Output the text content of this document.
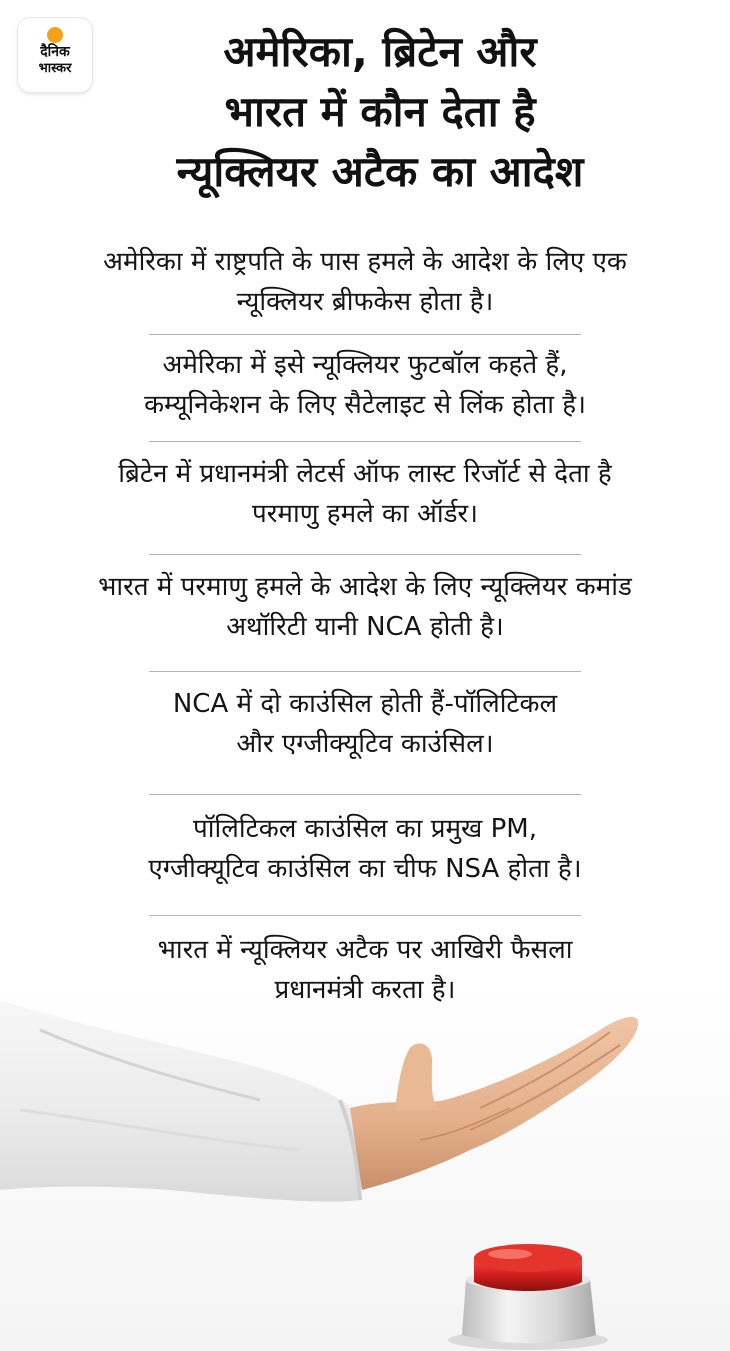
दैनिक
भास्कर	अमेरिका, ब्रिटेन और
भारत में कौन देता है
न्यूक्लियर अटैक का आदेश
अमेरिका में राष्ट्रपति के पास हमले के आदेश के लिए एक
न्यूक्लियर ब्रीफकेस होता है।
अमेरिका में इसे न्यूक्लियर फुटबॉल कहते हैं,
कम्यूनिकेशन के लिए सैटेलाइट से लिंक होता है।
ब्रिटेन में प्रधानमंत्री लेटर्स ऑफ लास्ट रिजॉर्ट से देता है
परमाणु हमले का ऑर्डर।
भारत में परमाणु हमले के आदेश के लिए न्यूक्लियर कमांड
अथॉरिटी यानी NCA होती है।
NCA में दो काउंसिल होती हैं-पॉलिटिकल
और एग्जीक्यूटिव काउंसिल।
पॉलिटिकल काउंसिल का प्रमुख PM,
एग्जीक्यूटिव काउंसिल का चीफ NSA होता है।
भारत में न्यूक्लियर अटैक पर आखिरी फैसला
प्रधानमंत्री करता है।
